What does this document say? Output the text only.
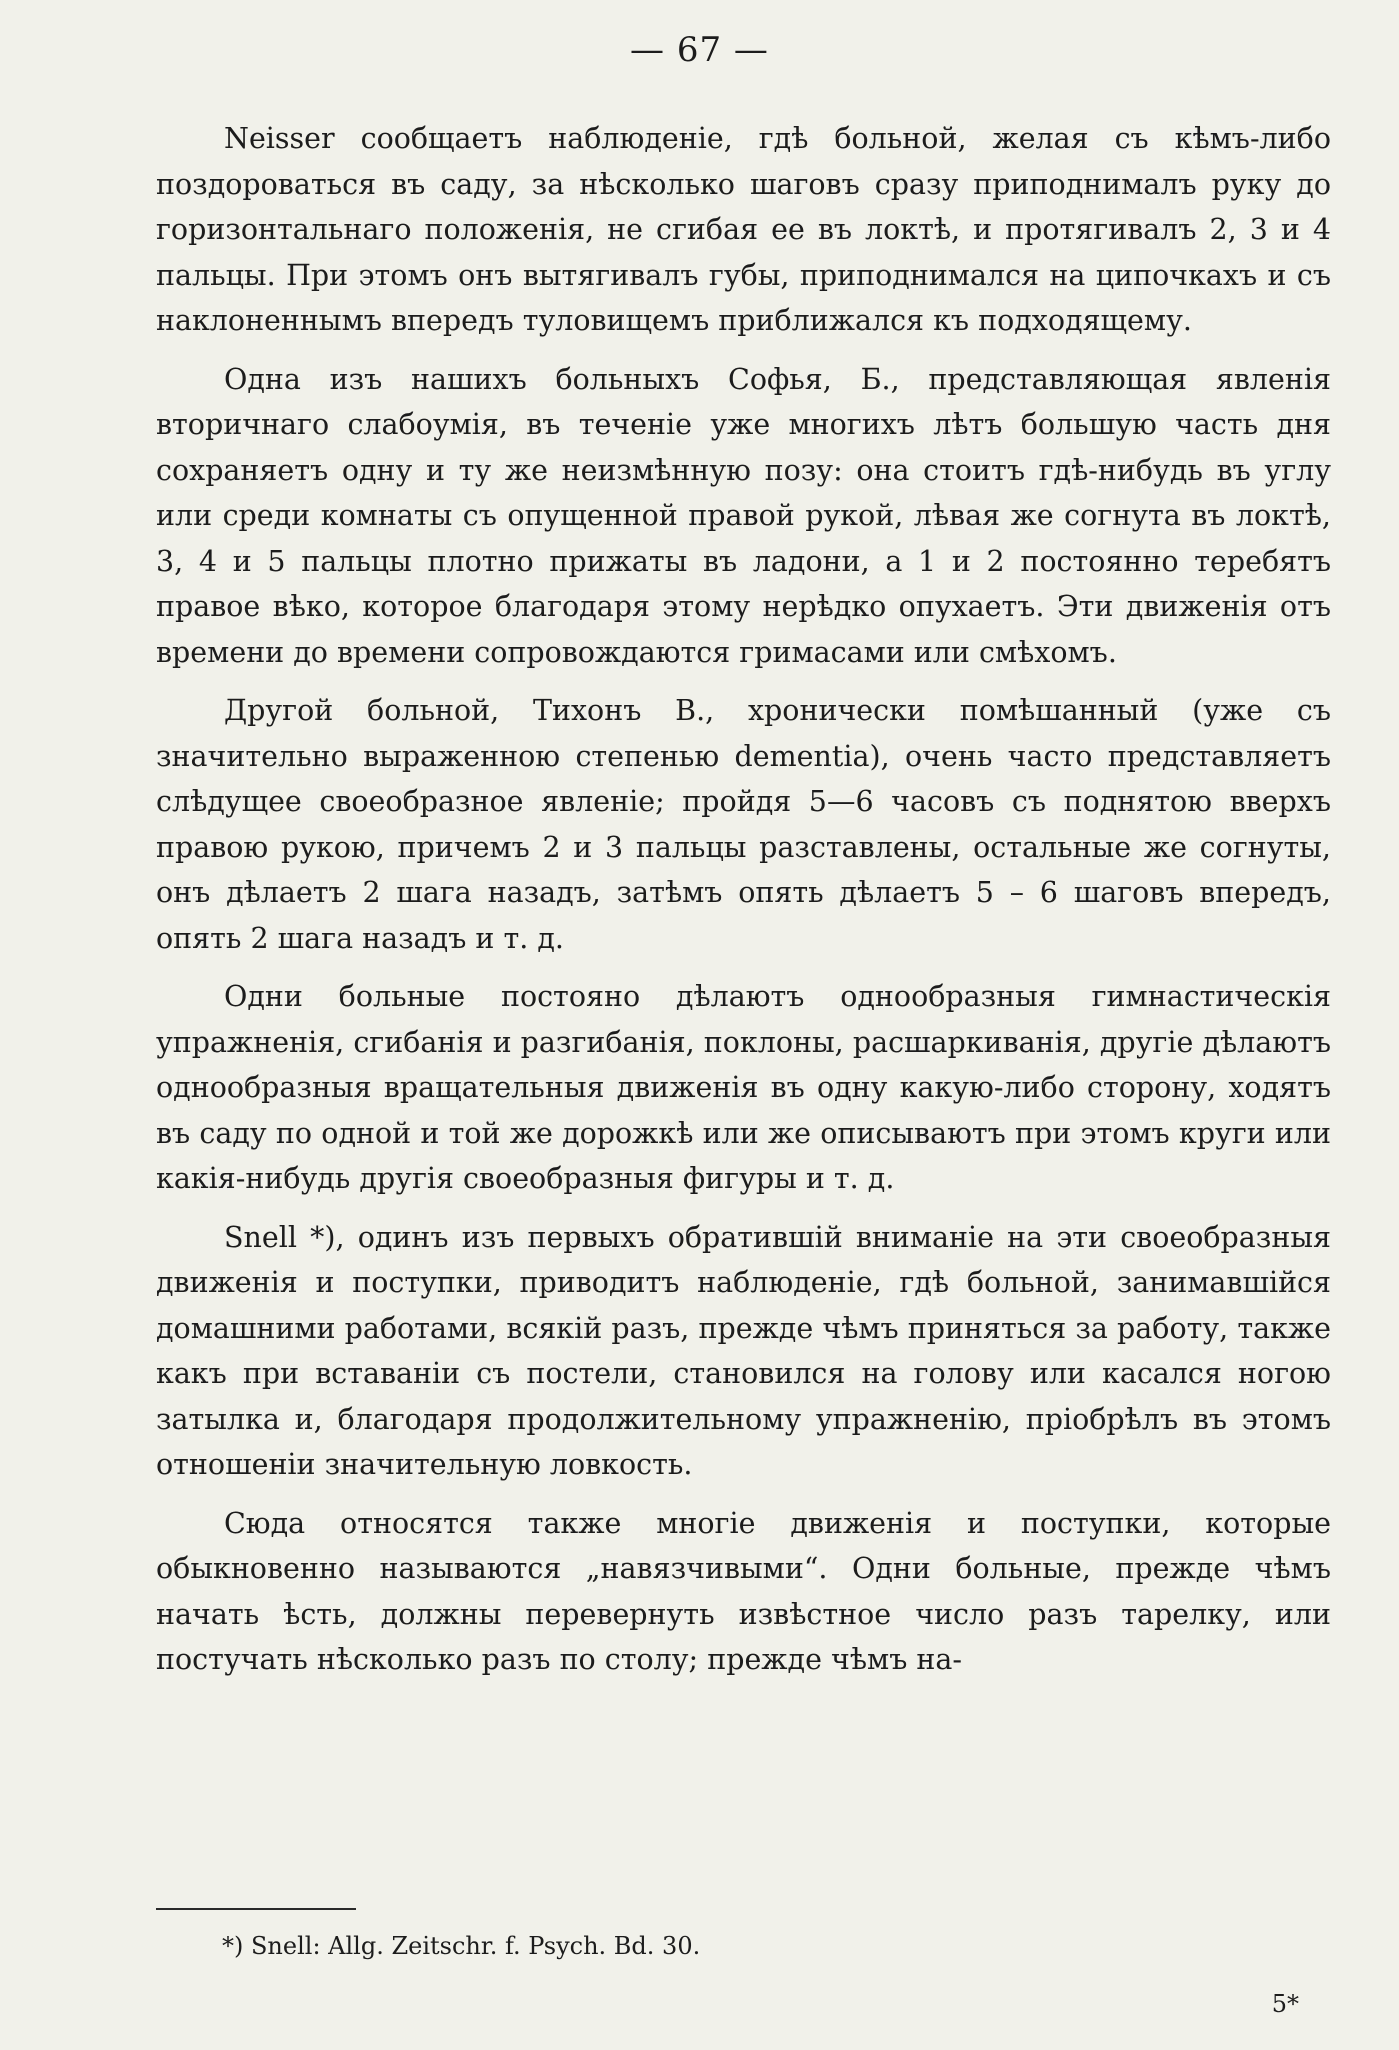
— 67 —

Neisser сообщаетъ наблюденіе, гдѣ больной, желая съ кѣмъ-либо поздороваться въ саду, за нѣсколько шаговъ сразу приподнималъ руку до горизонтальнаго положенія, не сгибая ее въ локтѣ, и протягивалъ 2, 3 и 4 пальцы. При этомъ онъ вытягивалъ губы, приподнимался на ципочкахъ и съ наклоненнымъ впередъ туловищемъ приближался къ подходящему.

Одна изъ нашихъ больныхъ Софья, Б., представляющая явленія вторичнаго слабоумія, въ теченіе уже многихъ лѣтъ большую часть дня сохраняетъ одну и ту же неизмѣнную позу: она стоитъ гдѣ-нибудь въ углу или среди комнаты съ опущенной правой рукой, лѣвая же согнута въ локтѣ, 3, 4 и 5 пальцы плотно прижаты въ ладони, а 1 и 2 постоянно теребятъ правое вѣко, которое благодаря этому нерѣдко опухаетъ. Эти движенія отъ времени до времени сопровождаются гримасами или смѣхомъ.

Другой больной, Тихонъ В., хронически помѣшанный (уже съ значительно выраженною степенью dementia), очень часто представляетъ слѣдущее своеобразное явленіе; пройдя 5—6 часовъ съ поднятою вверхъ правою рукою, причемъ 2 и 3 пальцы разставлены, остальные же согнуты, онъ дѣлаетъ 2 шага назадъ, затѣмъ опять дѣлаетъ 5 – 6 шаговъ впередъ, опять 2 шага назадъ и т. д.

Одни больные постояно дѣлаютъ однообразныя гимнастическія упражненія, сгибанія и разгибанія, поклоны, расшаркиванія, другіе дѣлаютъ однообразныя вращательныя движенія въ одну какую-либо сторону, ходятъ въ саду по одной и той же дорожкѣ или же описываютъ при этомъ круги или какія-нибудь другія своеобразныя фигуры и т. д.

Snell *), одинъ изъ первыхъ обратившій вниманіе на эти своеобразныя движенія и поступки, приводитъ наблюденіе, гдѣ больной, занимавшійся домашними работами, всякій разъ, прежде чѣмъ приняться за работу, также какъ при вставаніи съ постели, становился на голову или касался ногою затылка и, благодаря продолжительному упражненію, пріобрѣлъ въ этомъ отношеніи значительную ловкость.

Сюда относятся также многіе движенія и поступки, которые обыкновенно называются „навязчивыми“. Одни больные, прежде чѣмъ начать ѣсть, должны перевернуть извѣстное число разъ тарелку, или постучать нѣсколько разъ по столу; прежде чѣмъ на-

*) Snell: Allg. Zeitschr. f. Psych. Bd. 30.
5*
